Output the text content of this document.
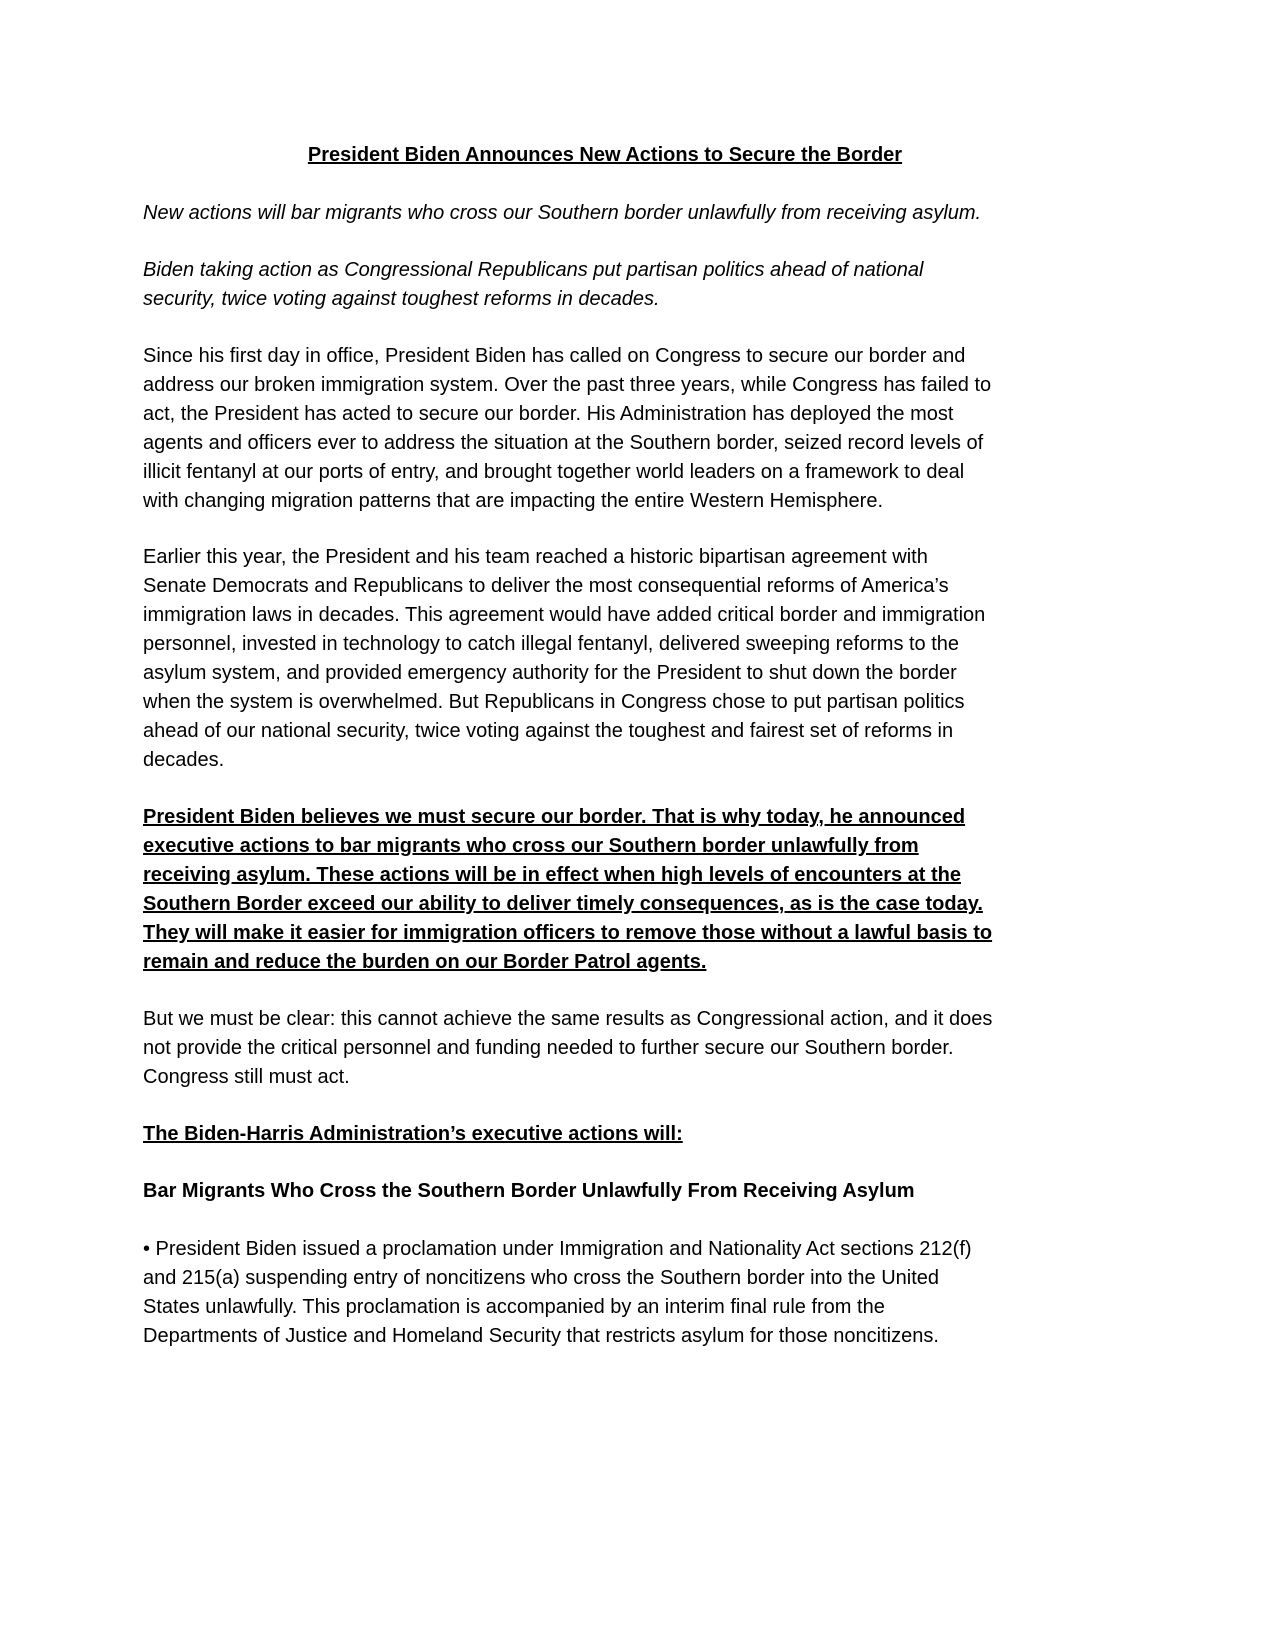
President Biden Announces New Actions to Secure the Border
New actions will bar migrants who cross our Southern border unlawfully from receiving asylum.
Biden taking action as Congressional Republicans put partisan politics ahead of national
security, twice voting against toughest reforms in decades.
Since his first day in office, President Biden has called on Congress to secure our border and
address our broken immigration system. Over the past three years, while Congress has failed to
act, the President has acted to secure our border. His Administration has deployed the most
agents and officers ever to address the situation at the Southern border, seized record levels of
illicit fentanyl at our ports of entry, and brought together world leaders on a framework to deal
with changing migration patterns that are impacting the entire Western Hemisphere.
Earlier this year, the President and his team reached a historic bipartisan agreement with
Senate Democrats and Republicans to deliver the most consequential reforms of America’s
immigration laws in decades. This agreement would have added critical border and immigration
personnel, invested in technology to catch illegal fentanyl, delivered sweeping reforms to the
asylum system, and provided emergency authority for the President to shut down the border
when the system is overwhelmed. But Republicans in Congress chose to put partisan politics
ahead of our national security, twice voting against the toughest and fairest set of reforms in
decades.
President Biden believes we must secure our border. That is why today, he announced
executive actions to bar migrants who cross our Southern border unlawfully from
receiving asylum. These actions will be in effect when high levels of encounters at the
Southern Border exceed our ability to deliver timely consequences, as is the case today.
They will make it easier for immigration officers to remove those without a lawful basis to
remain and reduce the burden on our Border Patrol agents.
But we must be clear: this cannot achieve the same results as Congressional action, and it does
not provide the critical personnel and funding needed to further secure our Southern border.
Congress still must act.
The Biden-Harris Administration’s executive actions will:
Bar Migrants Who Cross the Southern Border Unlawfully From Receiving Asylum
• President Biden issued a proclamation under Immigration and Nationality Act sections 212(f)
and 215(a) suspending entry of noncitizens who cross the Southern border into the United
States unlawfully. This proclamation is accompanied by an interim final rule from the
Departments of Justice and Homeland Security that restricts asylum for those noncitizens.
